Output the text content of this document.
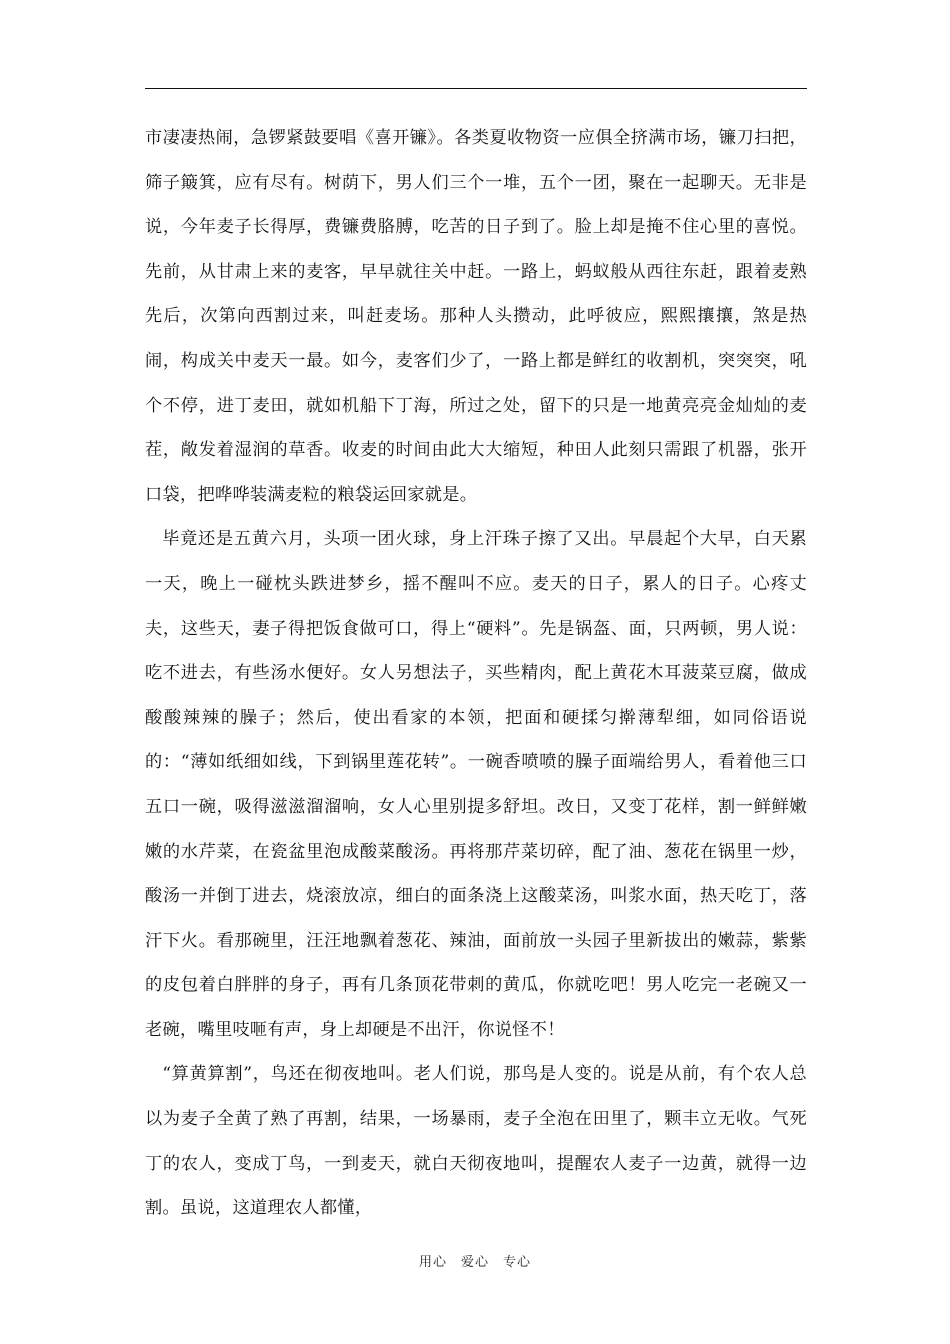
市凄凄热闹，急锣紧鼓要唱《喜开镰》。各类夏收物资一应俱全挤满市场，镰刀扫把，筛子簸箕，应有尽有。树荫下，男人们三个一堆，五个一团，聚在一起聊天。无非是说，今年麦子长得厚，费镰费胳膊，吃苦的日子到了。脸上却是掩不住心里的喜悦。先前，从甘肃上来的麦客，早早就往关中赶。一路上，蚂蚁般从西往东赶，跟着麦熟先后，次第向西割过来，叫赶麦场。那种人头攒动，此呼彼应，熙熙攘攘，煞是热闹，构成关中麦天一最。如今，麦客们少了，一路上都是鲜红的收割机，突突突，吼个不停，进丁麦田，就如机船下丁海，所过之处，留下的只是一地黄亮亮金灿灿的麦茬，敞发着湿润的草香。收麦的时间由此大大缩短，种田人此刻只需跟了机器，张开口袋，把哗哗装满麦粒的粮袋运回家就是。

毕竟还是五黄六月，头项一团火球，身上汗珠子擦了又出。早晨起个大早，白天累一天，晚上一碰枕头跌进梦乡，摇不醒叫不应。麦天的日子，累人的日子。心疼丈夫，这些天，妻子得把饭食做可口，得上“硬料”。先是锅盔、面，只两顿，男人说：吃不进去，有些汤水便好。女人另想法子，买些精肉，配上黄花木耳菠菜豆腐，做成酸酸辣辣的臊子；然后，使出看家的本领，把面和硬揉匀擀薄犁细，如同俗语说的：“薄如纸细如线，下到锅里莲花转”。一碗香喷喷的臊子面端给男人，看着他三口五口一碗，吸得滋滋溜溜响，女人心里别提多舒坦。改日，又变丁花样，割一鲜鲜嫩嫩的水芹菜，在瓷盆里泡成酸菜酸汤。再将那芹菜切碎，配了油、葱花在锅里一炒，酸汤一并倒丁进去，烧滚放凉，细白的面条浇上这酸菜汤，叫浆水面，热天吃丁，落汗下火。看那碗里，汪汪地飘着葱花、辣油，面前放一头园子里新拔出的嫩蒜，紫紫的皮包着白胖胖的身子，再有几条顶花带刺的黄瓜，你就吃吧！男人吃完一老碗又一老碗，嘴里吱咂有声，身上却硬是不出汗，你说怪不！

“算黄算割”，鸟还在彻夜地叫。老人们说，那鸟是人变的。说是从前，有个农人总以为麦子全黄了熟了再割，结果，一场暴雨，麦子全泡在田里了，颗丰立无收。气死丁的农人，变成丁鸟，一到麦天，就白天彻夜地叫，提醒农人麦子一边黄，就得一边割。虽说，这道理农人都懂，

用心　爱心　专心
